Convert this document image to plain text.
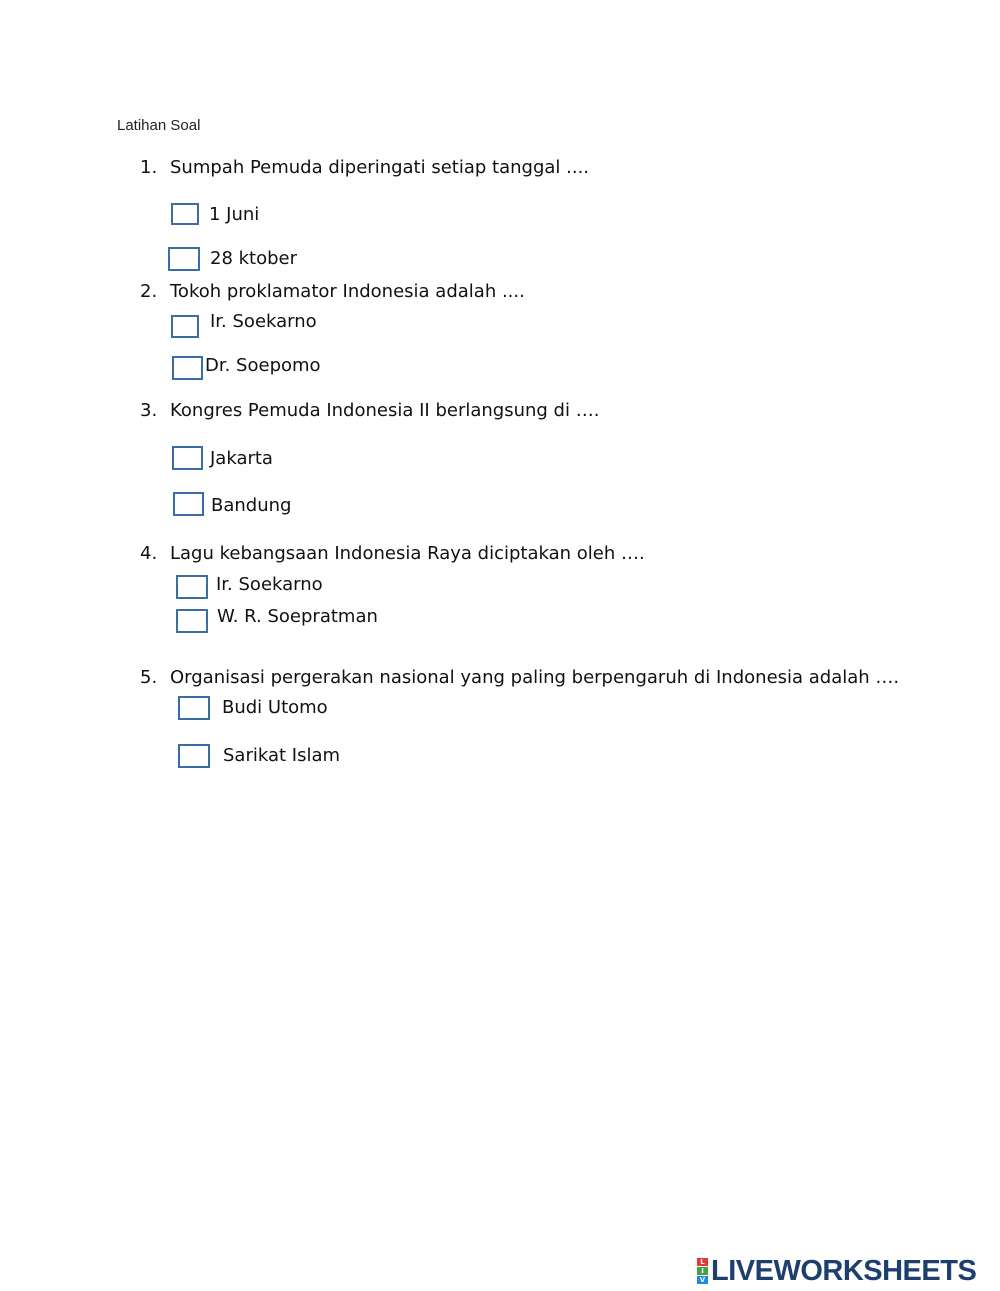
Latihan Soal
1. Sumpah Pemuda diperingati setiap tanggal ....
1 Juni
28 ktober
2. Tokoh proklamator Indonesia adalah ....
Ir. Soekarno
Dr. Soepomo
3. Kongres Pemuda Indonesia II berlangsung di ….
Jakarta
Bandung
4. Lagu kebangsaan Indonesia Raya diciptakan oleh ….
Ir. Soekarno
W. R. Soepratman
5. Organisasi pergerakan nasional yang paling berpengaruh di Indonesia adalah ….
Budi Utomo
Sarikat Islam
L
I
V LIVEWORKSHEETS
